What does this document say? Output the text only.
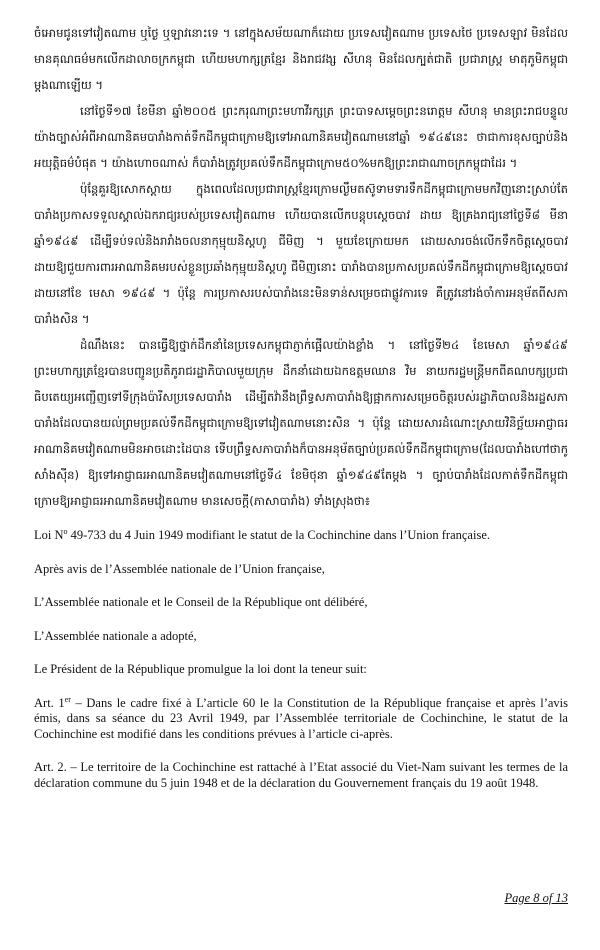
ចំអោមជូនទៅវៀតណាម ឬថ្ងៃ ឬឡាវនោះទេ ។ នៅក្នុងសម័យណាក៏ដោយ ប្រទេសវៀតណាម ប្រទេសថៃ ប្រទេសឡាវ មិនដែលមានគុណធម៌មកលើកដាលាចក្រកម្ពុជា ហើយមហាក្សត្រខ្មែរ និងរាជវង្ស សីហនុ មិនដែលក្បត់ជាតិ ប្រជារាស្ត្រ មាតុភូមិកម្ពុជាម្តងណាឡើយ ។

នៅថ្ងៃទី១៧ ខែមីនា ឆ្នាំ២០០៥ ព្រះករុណាព្រះមហាវីរក្សត្រ ព្រះបាទសម្តេចព្រះនរោត្តម សីហនុ មានព្រះរាជបន្ទូលយ៉ាងច្បាស់អំពីអាណានិគមបារាំងកាត់ទឹកដីកម្ពុជាក្រោមឱ្យទៅអាណានិគមវៀតណាមនៅឆ្នាំ ១៩៤៩នេះ ថាជាការខុសច្បាប់និងអយុត្តិធម៌បំផុត ។ យ៉ាងហោចណាស់ ក៏បារាំងត្រូវប្រគល់ទឹកដីកម្ពុជាក្រោម៥០%មកឱ្យព្រះរាជាណាចក្រកម្ពុជាដែរ ។

ប៉ុន្តែគួរឱ្យសោកស្តាយ ក្នុងពេលដែលប្រជារាស្ត្រខ្មែរក្រោមល្ងឹមតស៊ូទាមទារទឹកដីកម្ពុជាក្រោមមកវិញនោះស្រាប់តែបារាំងប្រកាសទទួលស្គាល់ឯករាជ្យរបស់ប្រទេសវៀតណាម ហើយបានលើកបន្តុបស្តេចបាវ ដាយ ឱ្យគ្រងរាជ្យនៅថ្ងៃទី៨ មីនា ឆ្នាំ១៩៤៩ ដើម្បីទប់ទល់និងរារាំងចលនាកុម្មុយនិស្តហូ ជីមិញ ។ មួយខែក្រោយមក ដោយសារចង់លើកទឹកចិត្តស្តេចបាវ ដាយឱ្យជួយការពារអាណានិគមរបស់ខ្លួនប្រឆាំងកុម្មុយនិស្តហូ ជីមិញនោះ បារាំងបានប្រកាសប្រគល់ទឹកដីកម្ពុជាក្រោមឱ្យស្តេចបាវ ដាយនៅខែ មេសា ១៩៤៩ ។ ប៉ុន្តែ ការប្រកាសរបស់បារាំងនេះមិនទាន់សម្រេចជាផ្លូវការទេ គឺត្រូវនៅរង់ចាំការអនុម័តពីសភាបារាំងសិន ។

ដំណឹងនេះ បានធ្វើឱ្យថ្នាក់ដឹកនាំនៃប្រទេសកម្ពុជាភ្ញាក់ផ្អើលយ៉ាងខ្លាំង ។ នៅថ្ងៃទី២៤ ខែមេសា ឆ្នាំ១៩៤៩ ព្រះមហាក្សត្រខ្មែរបានបញ្ជូនប្រតិភូរាជរដ្ឋាភិបាលមួយក្រុម ដឹកនាំដោយឯកឧត្តមឈាន វិម នាយករដ្ឋមន្ត្រីមកពីគណបក្សប្រជាធិបតេយ្យអញ្ជើញទៅទីក្រុងប៉ារីសប្រទេសបារាំង ដើម្បីតវ៉ានឹងព្រឹទ្ធសភាបារាំងឱ្យផ្អាកការសម្រេចចិត្តរបស់រដ្ឋាភិបាលនិងរដ្ឋសភាបារាំងដែលបានយល់ព្រមប្រគល់ទឹកដីកម្ពុជាក្រោមឱ្យទៅវៀតណាមនោះសិន ។ ប៉ុន្តែ ដោយសារដំណោះស្រាយវិនិច្ឆ័យអាជ្ញាធរអាណានិគមវៀតណាមមិនអាចដោះដៃបាន ទើបព្រឹទ្ធសភាបារាំងក៏បានអនុម័តច្បាប់ប្រគល់ទឹកដីកម្ពុជាក្រោម(ដែលបារាំងហៅថាកូសាំងស៊ីន) ឱ្យទៅអាជ្ញាធរអាណានិគមវៀតណាមនៅថ្ងៃទី៤ ខែមិថុនា ឆ្នាំ១៩៤៩តែម្តង ។ ច្បាប់បារាំងដែលកាត់ទឹកដីកម្ពុជាក្រោមឱ្យអាជ្ញាធរអាណានិគមវៀតណាម មានសេចក្តី(ភាសាបារាំង) ទាំងស្រុងថា៖

Loi $N^o$ 49-733 du 4 Juin 1949 modifiant le statut de la Cochinchine dans l’Union française.

Après avis de l’Assemblée nationale de l’Union française,

L’Assemblée nationale et le Conseil de la République ont délibéré,

L’Assemblée nationale a adopté,

Le Président de la République promulgue la loi dont la teneur suit:

Art. 1er – Dans le cadre fixé à L’article 60 le la Constitution de la République française et après l’avis émis, dans sa séance du 23 Avril 1949, par l’Assemblée territoriale de Cochinchine, le statut de la Cochinchine est modifié dans les conditions prévues à l’article ci-après.

Art. 2. – Le territoire de la Cochinchine est rattaché à l’Etat associé du Viet-Nam suivant les termes de la déclaration commune du 5 juin 1948 et de la déclaration du Gouvernement français du 19 août 1948.

Page 8 of 13
